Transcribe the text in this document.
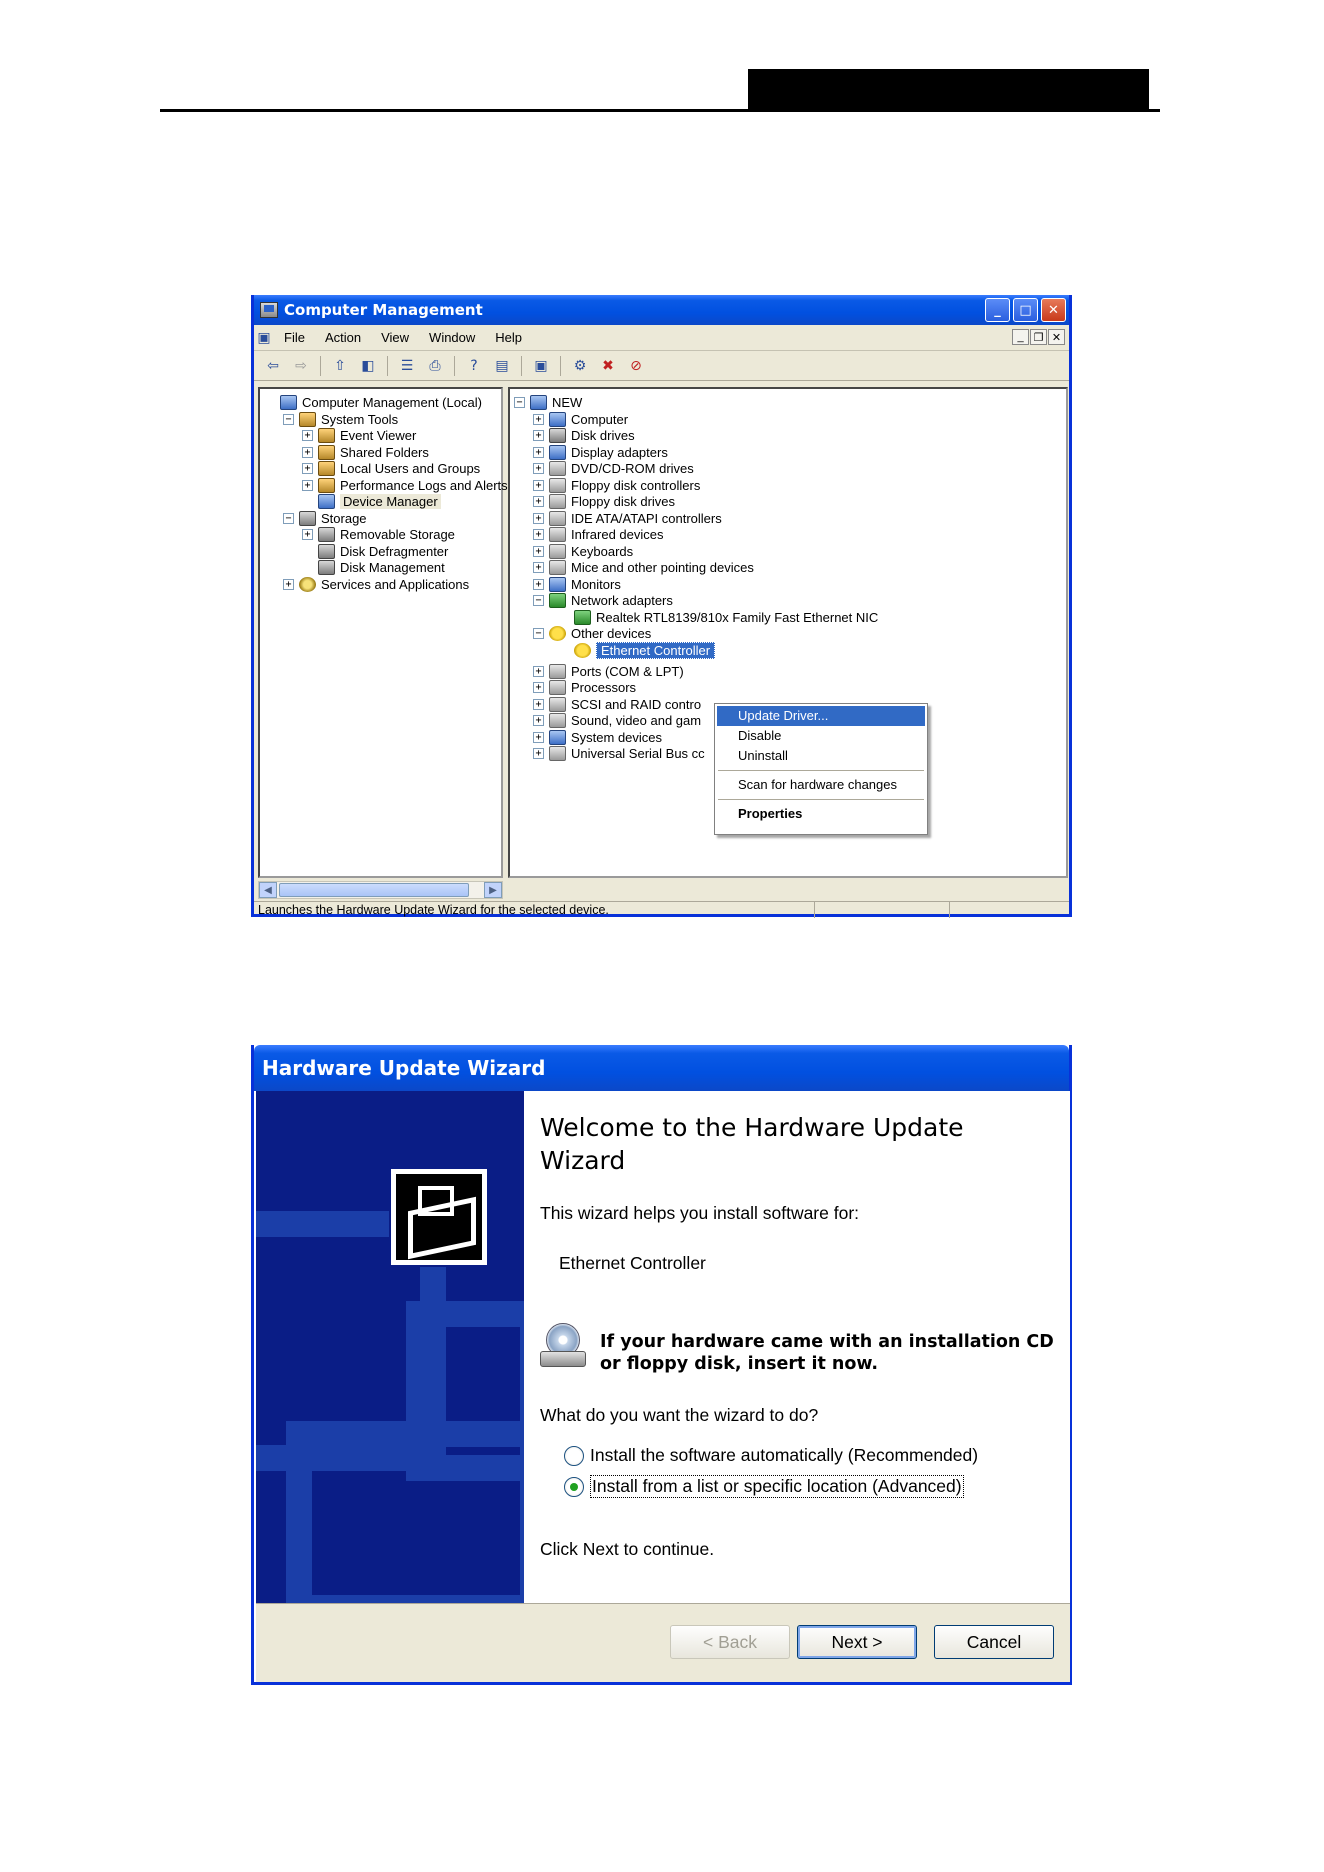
Computer Management	_	□	✕
▣	File	Action	View	Window	Help	_ ❐ ✕
⇦	⇨	⇧	◧	☰	⎙	?	▤	▣	⚙	✖	⊘
Computer Management (Local)
− System Tools
+ Event Viewer
+ Shared Folders
+ Local Users and Groups
+ Performance Logs and Alerts
Device Manager
− Storage
+ Removable Storage
Disk Defragmenter
Disk Management
+ Services and Applications
− NEW
+ Computer
+ Disk drives
+ Display adapters
+ DVD/CD-ROM drives
+ Floppy disk controllers
+ Floppy disk drives
+ IDE ATA/ATAPI controllers
+ Infrared devices
+ Keyboards
+ Mice and other pointing devices
+ Monitors
− Network adapters
Realtek RTL8139/810x Family Fast Ethernet NIC
− Other devices
Ethernet Controller
+ Ports (COM & LPT)
+ Processors
+ SCSI and RAID contro
+ Sound, video and gam
+ System devices
+ Universal Serial Bus cc
◀	▶
Launches the Hardware Update Wizard for the selected device.
Update Driver...
Disable
Uninstall
Scan for hardware changes
Properties
Hardware Update Wizard
Welcome to the Hardware Update Wizard
This wizard helps you install software for:
Ethernet Controller
If your hardware came with an installation CD
or floppy disk, insert it now.
What do you want the wizard to do?
Install the software automatically (Recommended)
Install from a list or specific location (Advanced)
Click Next to continue.
< Back	Next >	Cancel
